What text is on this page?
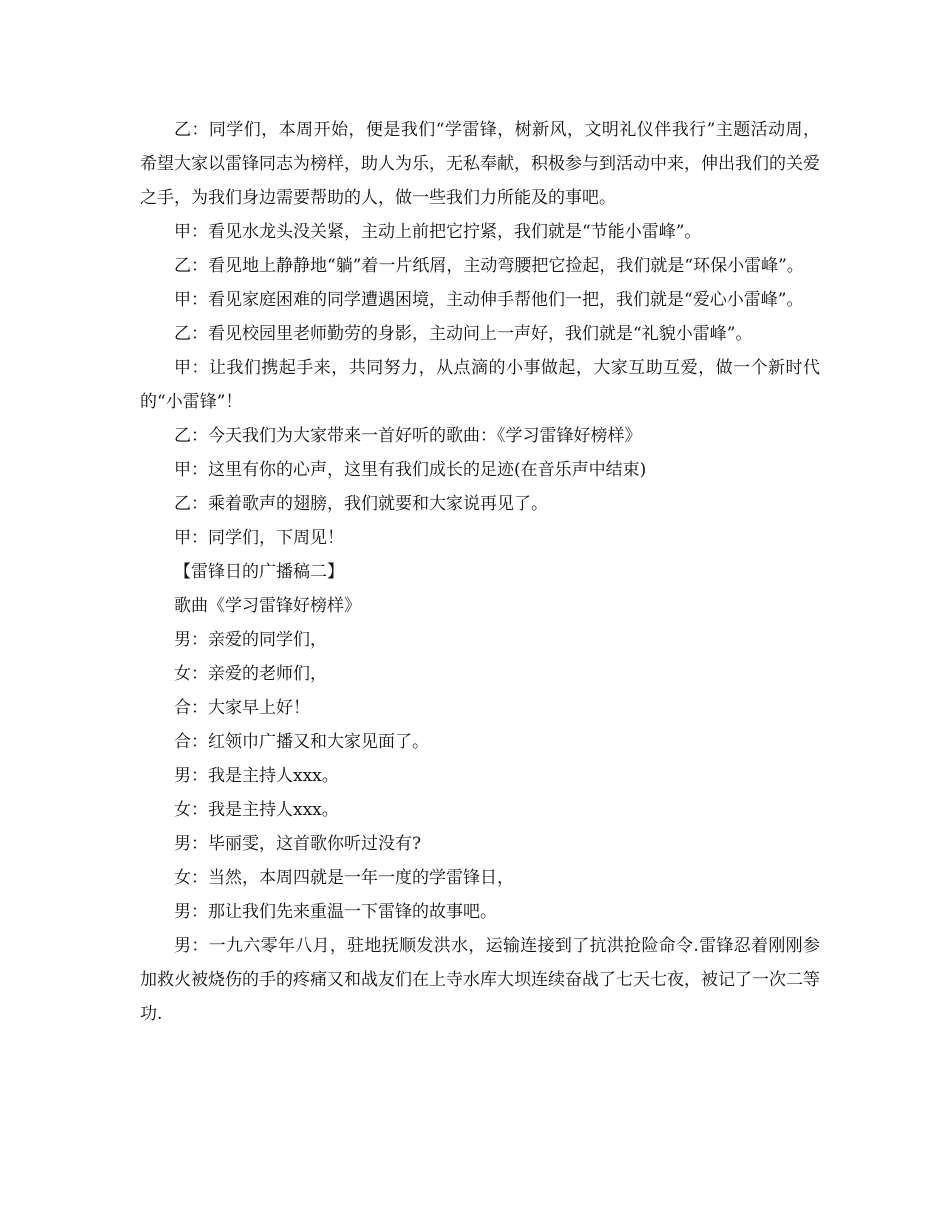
乙：同学们，本周开始，便是我们“学雷锋，树新风，文明礼仪伴我行”主题活动周，希望大家以雷锋同志为榜样，助人为乐，无私奉献，积极参与到活动中来，伸出我们的关爱之手，为我们身边需要帮助的人，做一些我们力所能及的事吧。

甲：看见水龙头没关紧，主动上前把它拧紧，我们就是“节能小雷峰”。

乙：看见地上静静地“躺”着一片纸屑，主动弯腰把它捡起，我们就是“环保小雷峰”。

甲：看见家庭困难的同学遭遇困境，主动伸手帮他们一把，我们就是“爱心小雷峰”。

乙：看见校园里老师勤劳的身影，主动问上一声好，我们就是“礼貌小雷峰”。

甲：让我们携起手来，共同努力，从点滴的小事做起，大家互助互爱，做一个新时代的“小雷锋”！

乙：今天我们为大家带来一首好听的歌曲：《学习雷锋好榜样》

甲：这里有你的心声，这里有我们成长的足迹(在音乐声中结束)

乙：乘着歌声的翅膀，我们就要和大家说再见了。

甲：同学们，下周见！

【雷锋日的广播稿二】

歌曲《学习雷锋好榜样》

男：亲爱的同学们，

女：亲爱的老师们，

合：大家早上好！

合：红领巾广播又和大家见面了。

男：我是主持人xxx。

女：我是主持人xxx。

男：毕丽雯，这首歌你听过没有?

女：当然，本周四就是一年一度的学雷锋日，

男：那让我们先来重温一下雷锋的故事吧。

男：一九六零年八月，驻地抚顺发洪水，运输连接到了抗洪抢险命令.雷锋忍着刚刚参加救火被烧伤的手的疼痛又和战友们在上寺水库大坝连续奋战了七天七夜，被记了一次二等功.
